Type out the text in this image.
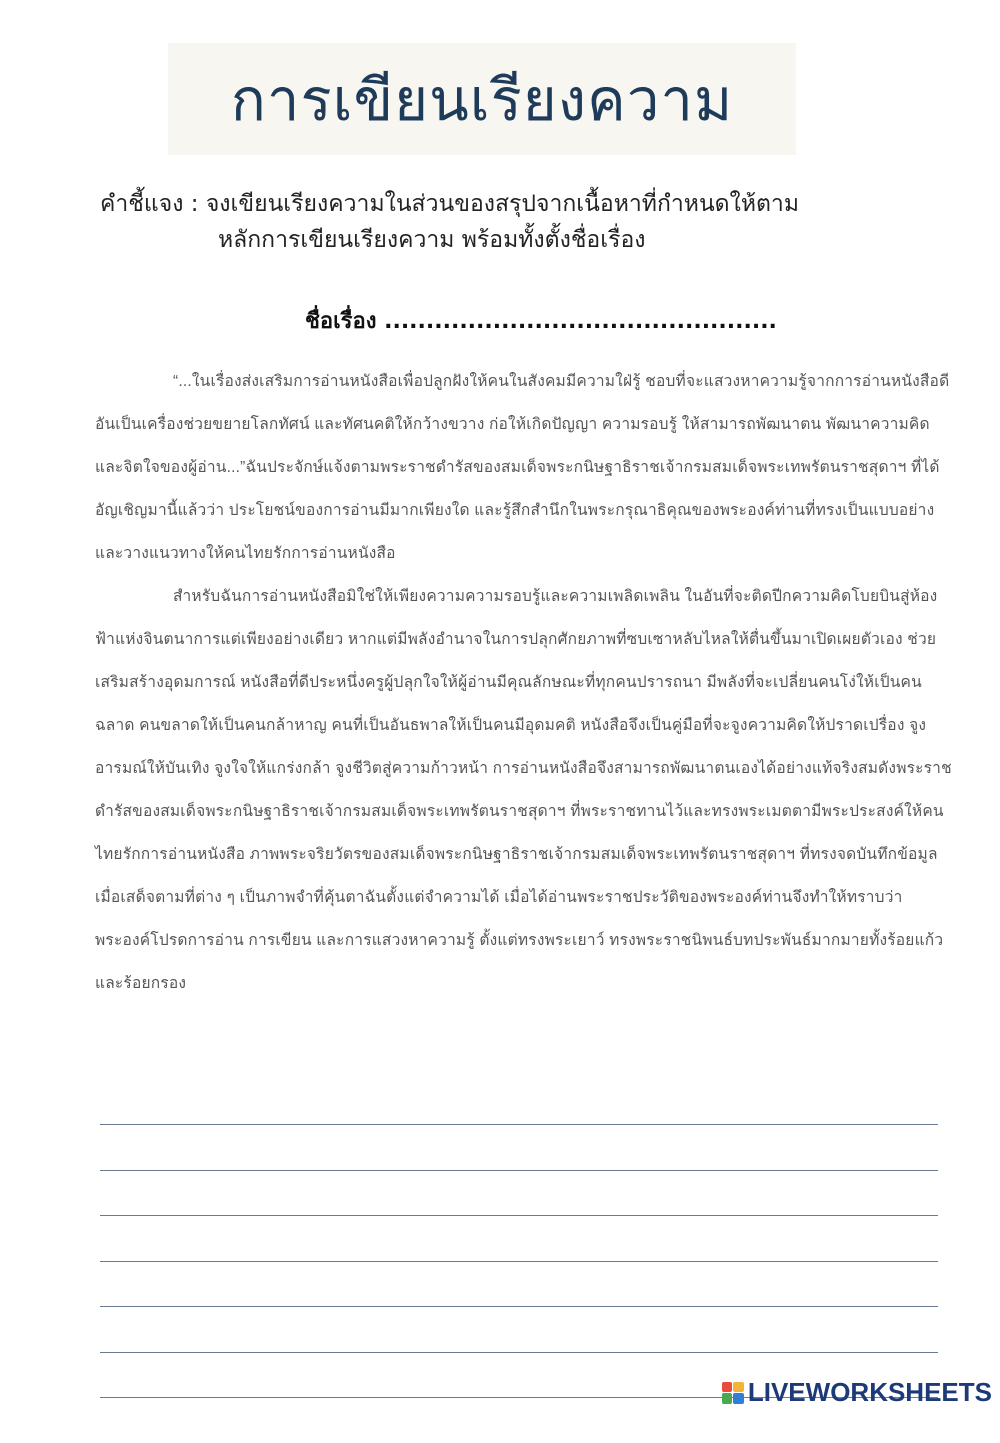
การเขียนเรียงความ
คำชี้แจง : จงเขียนเรียงความในส่วนของสรุปจากเนื้อหาที่กำหนดให้ตาม
หลักการเขียนเรียงความ พร้อมทั้งตั้งชื่อเรื่อง
ชื่อเรื่อง ...............................................

“...ในเรื่องส่งเสริมการอ่านหนังสือเพื่อปลูกฝังให้คนในสังคมมีความใฝ่รู้ ชอบที่จะแสวงหาความรู้จากการอ่านหนังสือดี อันเป็นเครื่องช่วยขยายโลกทัศน์ และทัศนคติให้กว้างขวาง ก่อให้เกิดปัญญา ความรอบรู้ ให้สามารถพัฒนาตน พัฒนาความคิดและจิตใจของผู้อ่าน...”ฉันประจักษ์แจ้งตามพระราชดำรัสของสมเด็จพระกนิษฐาธิราชเจ้ากรมสมเด็จพระเทพรัตนราชสุดาฯ ที่ได้อัญเชิญมานี้แล้วว่า ประโยชน์ของการอ่านมีมากเพียงใด และรู้สึกสำนึกในพระกรุณาธิคุณของพระองค์ท่านที่ทรงเป็นแบบอย่างและวางแนวทางให้คนไทยรักการอ่านหนังสือ

สำหรับฉันการอ่านหนังสือมิใช่ให้เพียงความความรอบรู้และความเพลิดเพลิน ในอันที่จะติดปีกความคิดโบยบินสู่ห้องฟ้าแห่งจินตนาการแต่เพียงอย่างเดียว หากแต่มีพลังอำนาจในการปลุกศักยภาพที่ซบเซาหลับไหลให้ตื่นขึ้นมาเปิดเผยตัวเอง ช่วยเสริมสร้างอุดมการณ์ หนังสือที่ดีประหนึ่งครูผู้ปลุกใจให้ผู้อ่านมีคุณลักษณะที่ทุกคนปรารถนา มีพลังที่จะเปลี่ยนคนโง่ให้เป็นคนฉลาด คนขลาดให้เป็นคนกล้าหาญ คนที่เป็นอันธพาลให้เป็นคนมีอุดมคติ หนังสือจึงเป็นคู่มือที่จะจูงความคิดให้ปราดเปรื่อง จูงอารมณ์ให้บันเทิง จูงใจให้แกร่งกล้า จูงชีวิตสู่ความก้าวหน้า การอ่านหนังสือจึงสามารถพัฒนาตนเองได้อย่างแท้จริงสมดังพระราชดำรัสของสมเด็จพระกนิษฐาธิราชเจ้ากรมสมเด็จพระเทพรัตนราชสุดาฯ ที่พระราชทานไว้และทรงพระเมตตามีพระประสงค์ให้คนไทยรักการอ่านหนังสือ ภาพพระจริยวัตรของสมเด็จพระกนิษฐาธิราชเจ้ากรมสมเด็จพระเทพรัตนราชสุดาฯ ที่ทรงจดบันทึกข้อมูลเมื่อเสด็จตามที่ต่าง ๆ เป็นภาพจำที่คุ้นตาฉันตั้งแต่จำความได้ เมื่อได้อ่านพระราชประวัติของพระองค์ท่านจึงทำให้ทราบว่า พระองค์โปรดการอ่าน การเขียน และการแสวงหาความรู้ ตั้งแต่ทรงพระเยาว์ ทรงพระราชนิพนธ์บทประพันธ์มากมายทั้งร้อยแก้วและร้อยกรอง

LIVEWORKSHEETS
